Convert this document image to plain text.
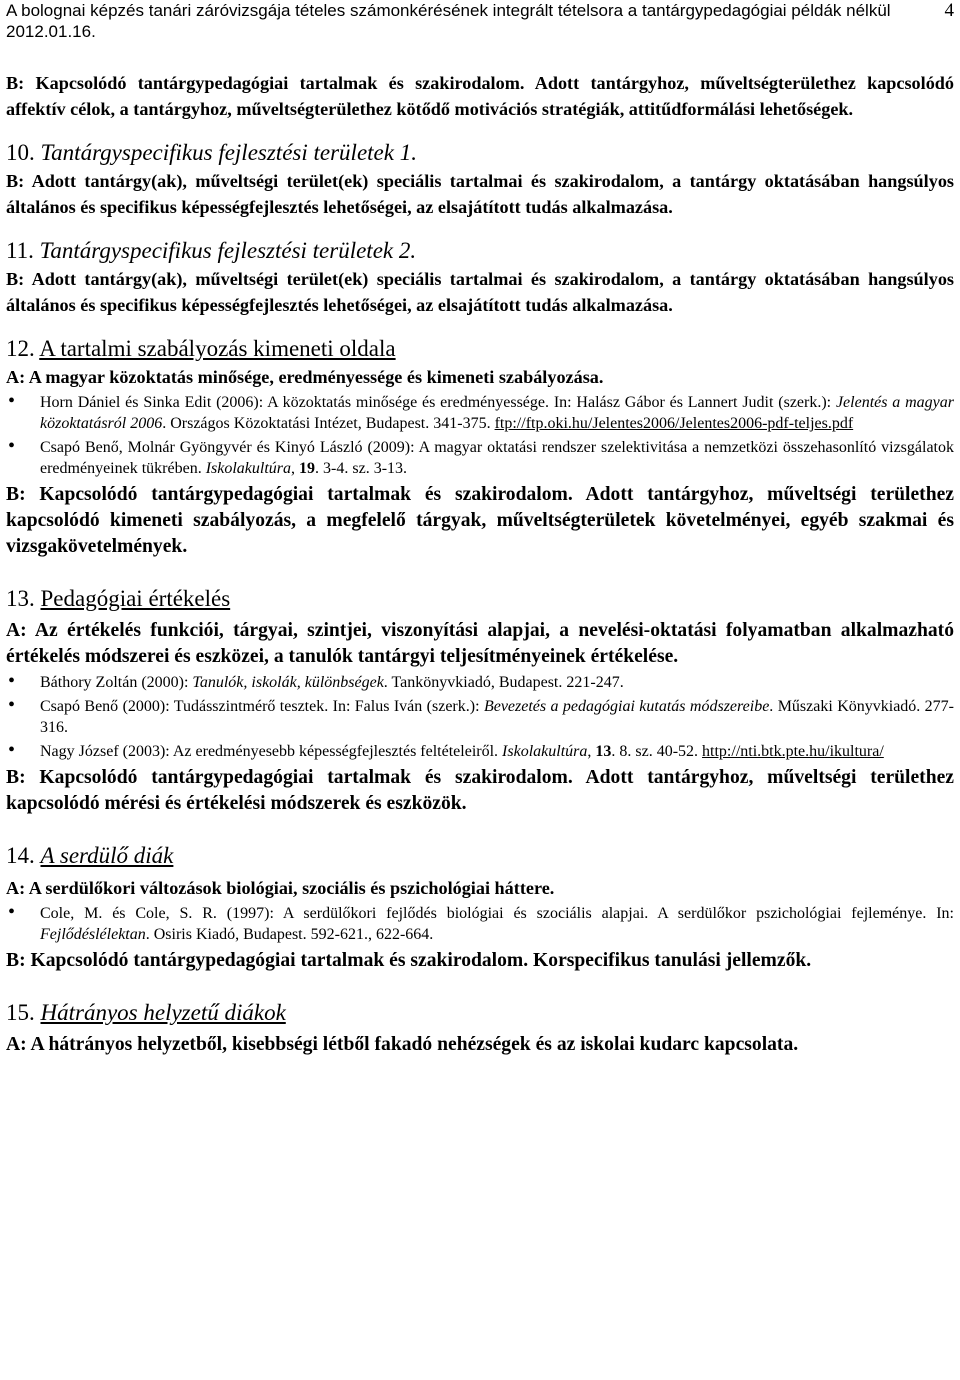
A bolognai képzés tanári záróvizsgája tételes számonkérésének integrált tételsora a tantárgypedagógiai példák nélkül 2012.01.16.
4

B: Kapcsolódó tantárgypedagógiai tartalmak és szakirodalom. Adott tantárgyhoz, műveltségterülethez kapcsolódó affektív célok, a tantárgyhoz, műveltségterülethez kötődő motivációs stratégiák, attitűdformálási lehetőségek.

10. Tantárgyspecifikus fejlesztési területek 1.

B: Adott tantárgy(ak), műveltségi terület(ek) speciális tartalmai és szakirodalom, a tantárgy oktatásában hangsúlyos általános és specifikus képességfejlesztés lehetőségei, az elsajátított tudás alkalmazása.

11. Tantárgyspecifikus fejlesztési területek 2.

B: Adott tantárgy(ak), műveltségi terület(ek) speciális tartalmai és szakirodalom, a tantárgy oktatásában hangsúlyos általános és specifikus képességfejlesztés lehetőségei, az elsajátított tudás alkalmazása.

12. A tartalmi szabályozás kimeneti oldala

A: A magyar közoktatás minősége, eredményessége és kimeneti szabályozása.

• Horn Dániel és Sinka Edit (2006): A közoktatás minősége és eredményessége. In: Halász Gábor és Lannert Judit (szerk.): Jelentés a magyar közoktatásról 2006. Országos Közoktatási Intézet, Budapest. 341-375. ftp://ftp.oki.hu/Jelentes2006/Jelentes2006-pdf-teljes.pdf
• Csapó Benő, Molnár Gyöngyvér és Kinyó László (2009): A magyar oktatási rendszer szelektivitása a nemzetközi összehasonlító vizsgálatok eredményeinek tükrében. Iskolakultúra, 19. 3-4. sz. 3-13.

B: Kapcsolódó tantárgypedagógiai tartalmak és szakirodalom. Adott tantárgyhoz, műveltségi területhez kapcsolódó kimeneti szabályozás, a megfelelő tárgyak, műveltségterületek követelményei, egyéb szakmai és vizsgakövetelmények.

13. Pedagógiai értékelés

A: Az értékelés funkciói, tárgyai, szintjei, viszonyítási alapjai, a nevelési-oktatási folyamatban alkalmazható értékelés módszerei és eszközei, a tanulók tantárgyi teljesítményeinek értékelése.

• Báthory Zoltán (2000): Tanulók, iskolák, különbségek. Tankönyvkiadó, Budapest. 221-247.
• Csapó Benő (2000): Tudásszintmérő tesztek. In: Falus Iván (szerk.): Bevezetés a pedagógiai kutatás módszereibe. Műszaki Könyvkiadó. 277-316.
• Nagy József (2003): Az eredményesebb képességfejlesztés feltételeiről. Iskolakultúra, 13. 8. sz. 40-52. http://nti.btk.pte.hu/ikultura/

B: Kapcsolódó tantárgypedagógiai tartalmak és szakirodalom. Adott tantárgyhoz, műveltségi területhez kapcsolódó mérési és értékelési módszerek és eszközök.

14. A serdülő diák

A: A serdülőkori változások biológiai, szociális és pszichológiai háttere.

• Cole, M. és Cole, S. R. (1997): A serdülőkori fejlődés biológiai és szociális alapjai. A serdülőkor pszichológiai fejleménye. In: Fejlődéslélektan. Osiris Kiadó, Budapest. 592-621., 622-664.

B: Kapcsolódó tantárgypedagógiai tartalmak és szakirodalom. Korspecifikus tanulási jellemzők.

15. Hátrányos helyzetű diákok

A: A hátrányos helyzetből, kisebbségi létből fakadó nehézségek és az iskolai kudarc kapcsolata.
